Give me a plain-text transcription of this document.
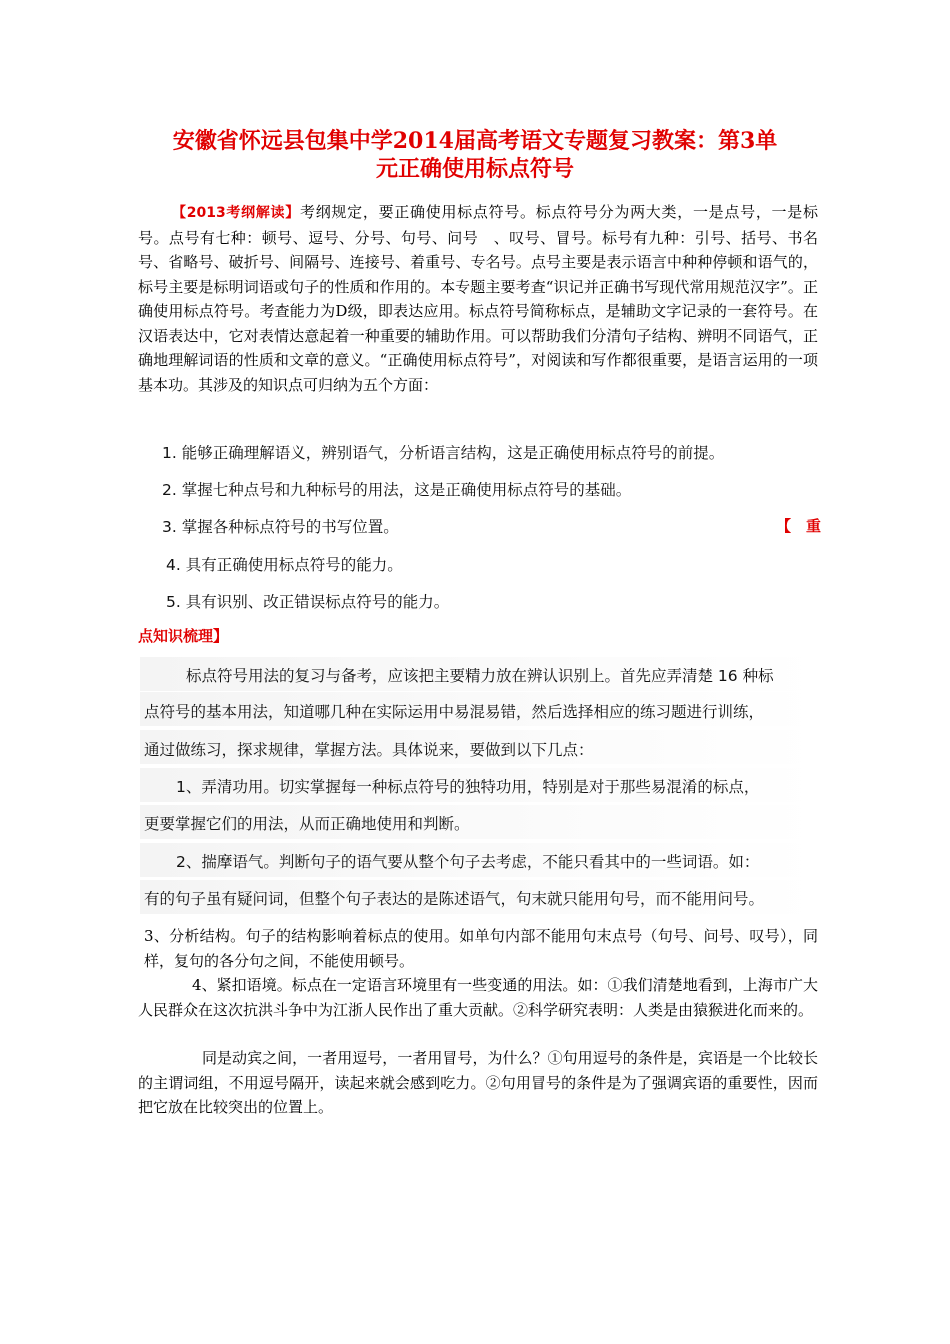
安徽省怀远县包集中学2014届高考语文专题复习教案：第3单
元正确使用标点符号
【2013考纲解读】考纲规定，要正确使用标点符号。标点符号分为两大类，一是点号，一是标号。点号有七种：顿号、逗号、分号、句号、问号　、叹号、冒号。标号有九种：引号、括号、书名号、省略号、破折号、间隔号、连接号、着重号、专名号。点号主要是表示语言中种种停顿和语气的，标号主要是标明词语或句子的性质和作用的。本专题主要考查“识记并正确书写现代常用规范汉字”。正确使用标点符号。考查能力为D级，即表达应用。标点符号简称标点，是辅助文字记录的一套符号。在汉语表达中，它对表情达意起着一种重要的辅助作用。可以帮助我们分清句子结构、辨明不同语气，正确地理解词语的性质和文章的意义。“正确使用标点符号”，对阅读和写作都很重要，是语言运用的一项基本功。其涉及的知识点可归纳为五个方面：
1. 能够正确理解语义，辨别语气，分析语言结构，这是正确使用标点符号的前提。
2. 掌握七种点号和九种标号的用法，这是正确使用标点符号的基础。
3. 掌握各种标点符号的书写位置。	【　重
4. 具有正确使用标点符号的能力。
5. 具有识别、改正错误标点符号的能力。
点知识梳理】
标点符号用法的复习与备考，应该把主要精力放在辨认识别上。首先应弄清楚 16 种标
点符号的基本用法，知道哪几种在实际运用中易混易错，然后选择相应的练习题进行训练，
通过做练习，探求规律，掌握方法。具体说来，要做到以下几点：
1、弄清功用。切实掌握每一种标点符号的独特功用，特别是对于那些易混淆的标点，
更要掌握它们的用法，从而正确地使用和判断。
2、揣摩语气。判断句子的语气要从整个句子去考虑，不能只看其中的一些词语。如：
有的句子虽有疑问词，但整个句子表达的是陈述语气，句末就只能用句号，而不能用问号。
3、分析结构。句子的结构影响着标点的使用。如单句内部不能用句末点号（句号、问号、叹号），同样，复句的各分句之间，不能使用顿号。
4、紧扣语境。标点在一定语言环境里有一些变通的用法。如：①我们清楚地看到，上海市广大人民群众在这次抗洪斗争中为江浙人民作出了重大贡献。②科学研究表明：人类是由猿猴进化而来的。
同是动宾之间，一者用逗号，一者用冒号，为什么？①句用逗号的条件是，宾语是一个比较长的主谓词组，不用逗号隔开，读起来就会感到吃力。②句用冒号的条件是为了强调宾语的重要性，因而把它放在比较突出的位置上。
